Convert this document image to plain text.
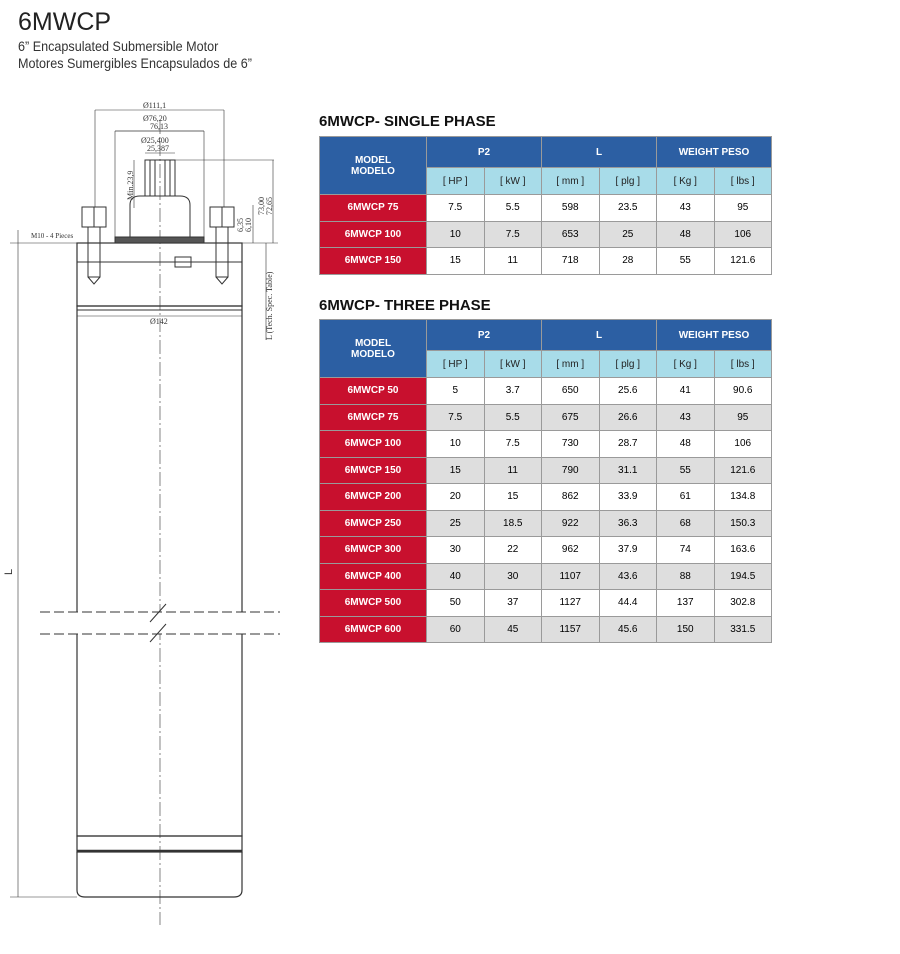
6MWCP
6” Encapsulated Submersible Motor
Motores Sumergibles Encapsulados de 6”
Ø111,1
Ø76,20
76,13
Ø25,400
25,387
Min.23,9
73,00 72,65
6,35 6,10
M10 - 4 Pieces
L (Tech. Spec. Table)
Ø142
L
6MWCP- SINGLE PHASE
MODEL
MODELO	P2		L		WEIGHT PESO	
	[ HP ]	[ kW ]	[ mm ]	[ plg ]	[ Kg ]	[ lbs ]
6MWCP 75	7.5	5.5	598	23.5	43	95
6MWCP 100	10	7.5	653	25	48	106
6MWCP 150	15	11	718	28	55	121.6
6MWCP- THREE PHASE
MODEL
MODELO	P2		L		WEIGHT PESO	
	[ HP ]	[ kW ]	[ mm ]	[ plg ]	[ Kg ]	[ lbs ]
6MWCP 50	5	3.7	650	25.6	41	90.6
6MWCP 75	7.5	5.5	675	26.6	43	95
6MWCP 100	10	7.5	730	28.7	48	106
6MWCP 150	15	11	790	31.1	55	121.6
6MWCP 200	20	15	862	33.9	61	134.8
6MWCP 250	25	18.5	922	36.3	68	150.3
6MWCP 300	30	22	962	37.9	74	163.6
6MWCP 400	40	30	1107	43.6	88	194.5
6MWCP 500	50	37	1127	44.4	137	302.8
6MWCP 600	60	45	1157	45.6	150	331.5
